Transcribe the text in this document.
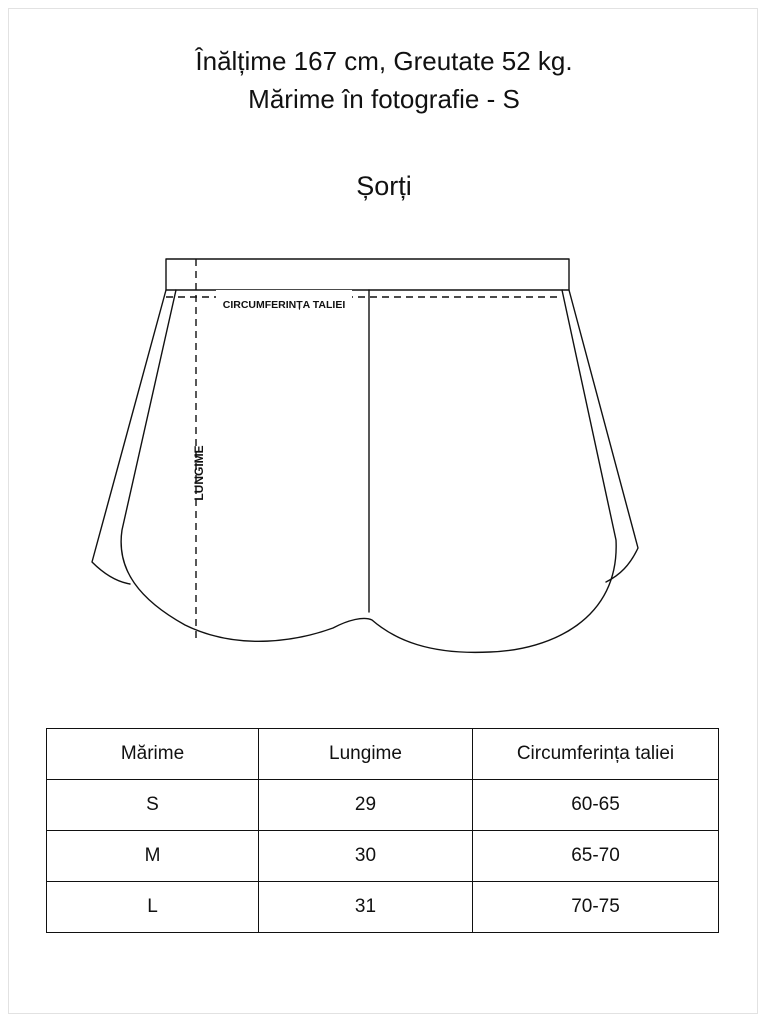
Înălțime 167 cm, Greutate 52 kg.
Mărime în fotografie - S
Șorți
CIRCUMFERINȚA TALIEI
LUNGIME
Mărime	Lungime	Circumferința taliei
S	29	60-65
M	30	65-70
L	31	70-75
